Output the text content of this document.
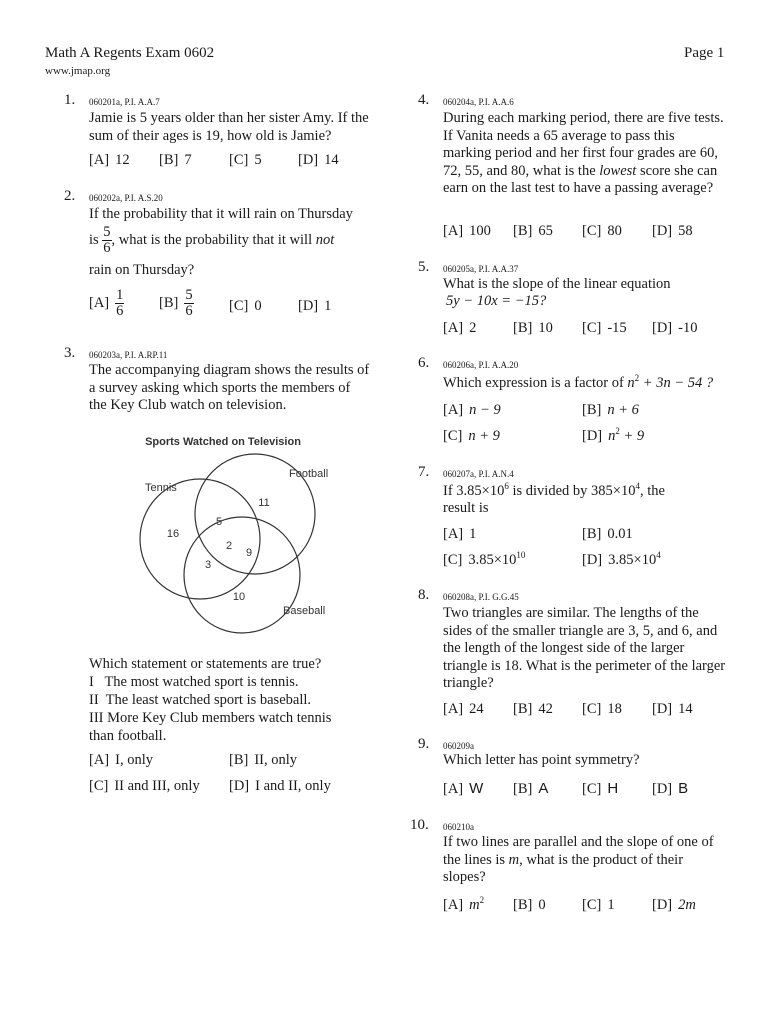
Math A Regents Exam 0602
www.jmap.org
Page 1
1. 060201a, P.I. A.A.7
Jamie is 5 years older than her sister Amy. If the sum of their ages is 19, how old is Jamie?
[A] 12 [B] 7	[C] 5	[D] 14
2. 060202a, P.I. A.S.20
If the probability that it will rain on Thursday
is $\frac{5}{6}$ , what is the probability that it will not
rain on Thursday?
$[A] \frac{1}{6} [B] \frac{5}{6} [C]$ 0	[D] 1
3. 060203a, P.I. A.RP.11
The accompanying diagram shows the results of a survey asking which sports the members of the Key Club watch on television.
Sports Watched on Television
Tennis
Football
Baseball
16
11
10
5
2
9
3
Which statement or statements are true?
I   The most watched sport is tennis.
II  The least watched sport is baseball.
III More Key Club members watch tennis than football.
[A] I, only	[B] II, only
[C] II and III, only [D] I and II, only
4. 060204a, P.I. A.A.6
During each marking period, there are five tests. If Vanita needs a 65 average to pass this marking period and her first four grades are 60, 72, 55, and 80, what is the lowest score she can earn on the last test to have a passing average?
[A] 100 [B] 65 [C] 80 [D] 58
5. 060205a, P.I. A.A.37
What is the slope of the linear equation
5y − 10x = −15?
[A] 2	[B] 10 [C] -15 [D] -10
6. 060206a, P.I. A.A.20
Which expression is a factor of $n^2 + 3n - 54$ ?
[A] n − 9	[B] n + 6
[C] n + 9	[D] $n^2 + 9$
7. 060207a, P.I. A.N.4
If $3.85\times 10^6$ is divided by $385\times 10^4$, the
result is
[A] 1	[B] 0.01
[C] $3.85\times 10^{10}$	[D] $3.85\times 10^4$
8. 060208a, P.I. G.G.45
Two triangles are similar. The lengths of the sides of the smaller triangle are 3, 5, and 6, and the length of the longest side of the larger triangle is 18. What is the perimeter of the larger triangle?
[A] 24 [B] 42 [C] 18 [D] 14
9. 060209a
Which letter has point symmetry?
[A] W [B] A [C] H [D] B
10. 060210a
If two lines are parallel and the slope of one of the lines is m, what is the product of their slopes?
[A] $m^2$ [B] 0	[C] 1	[D] 2m
